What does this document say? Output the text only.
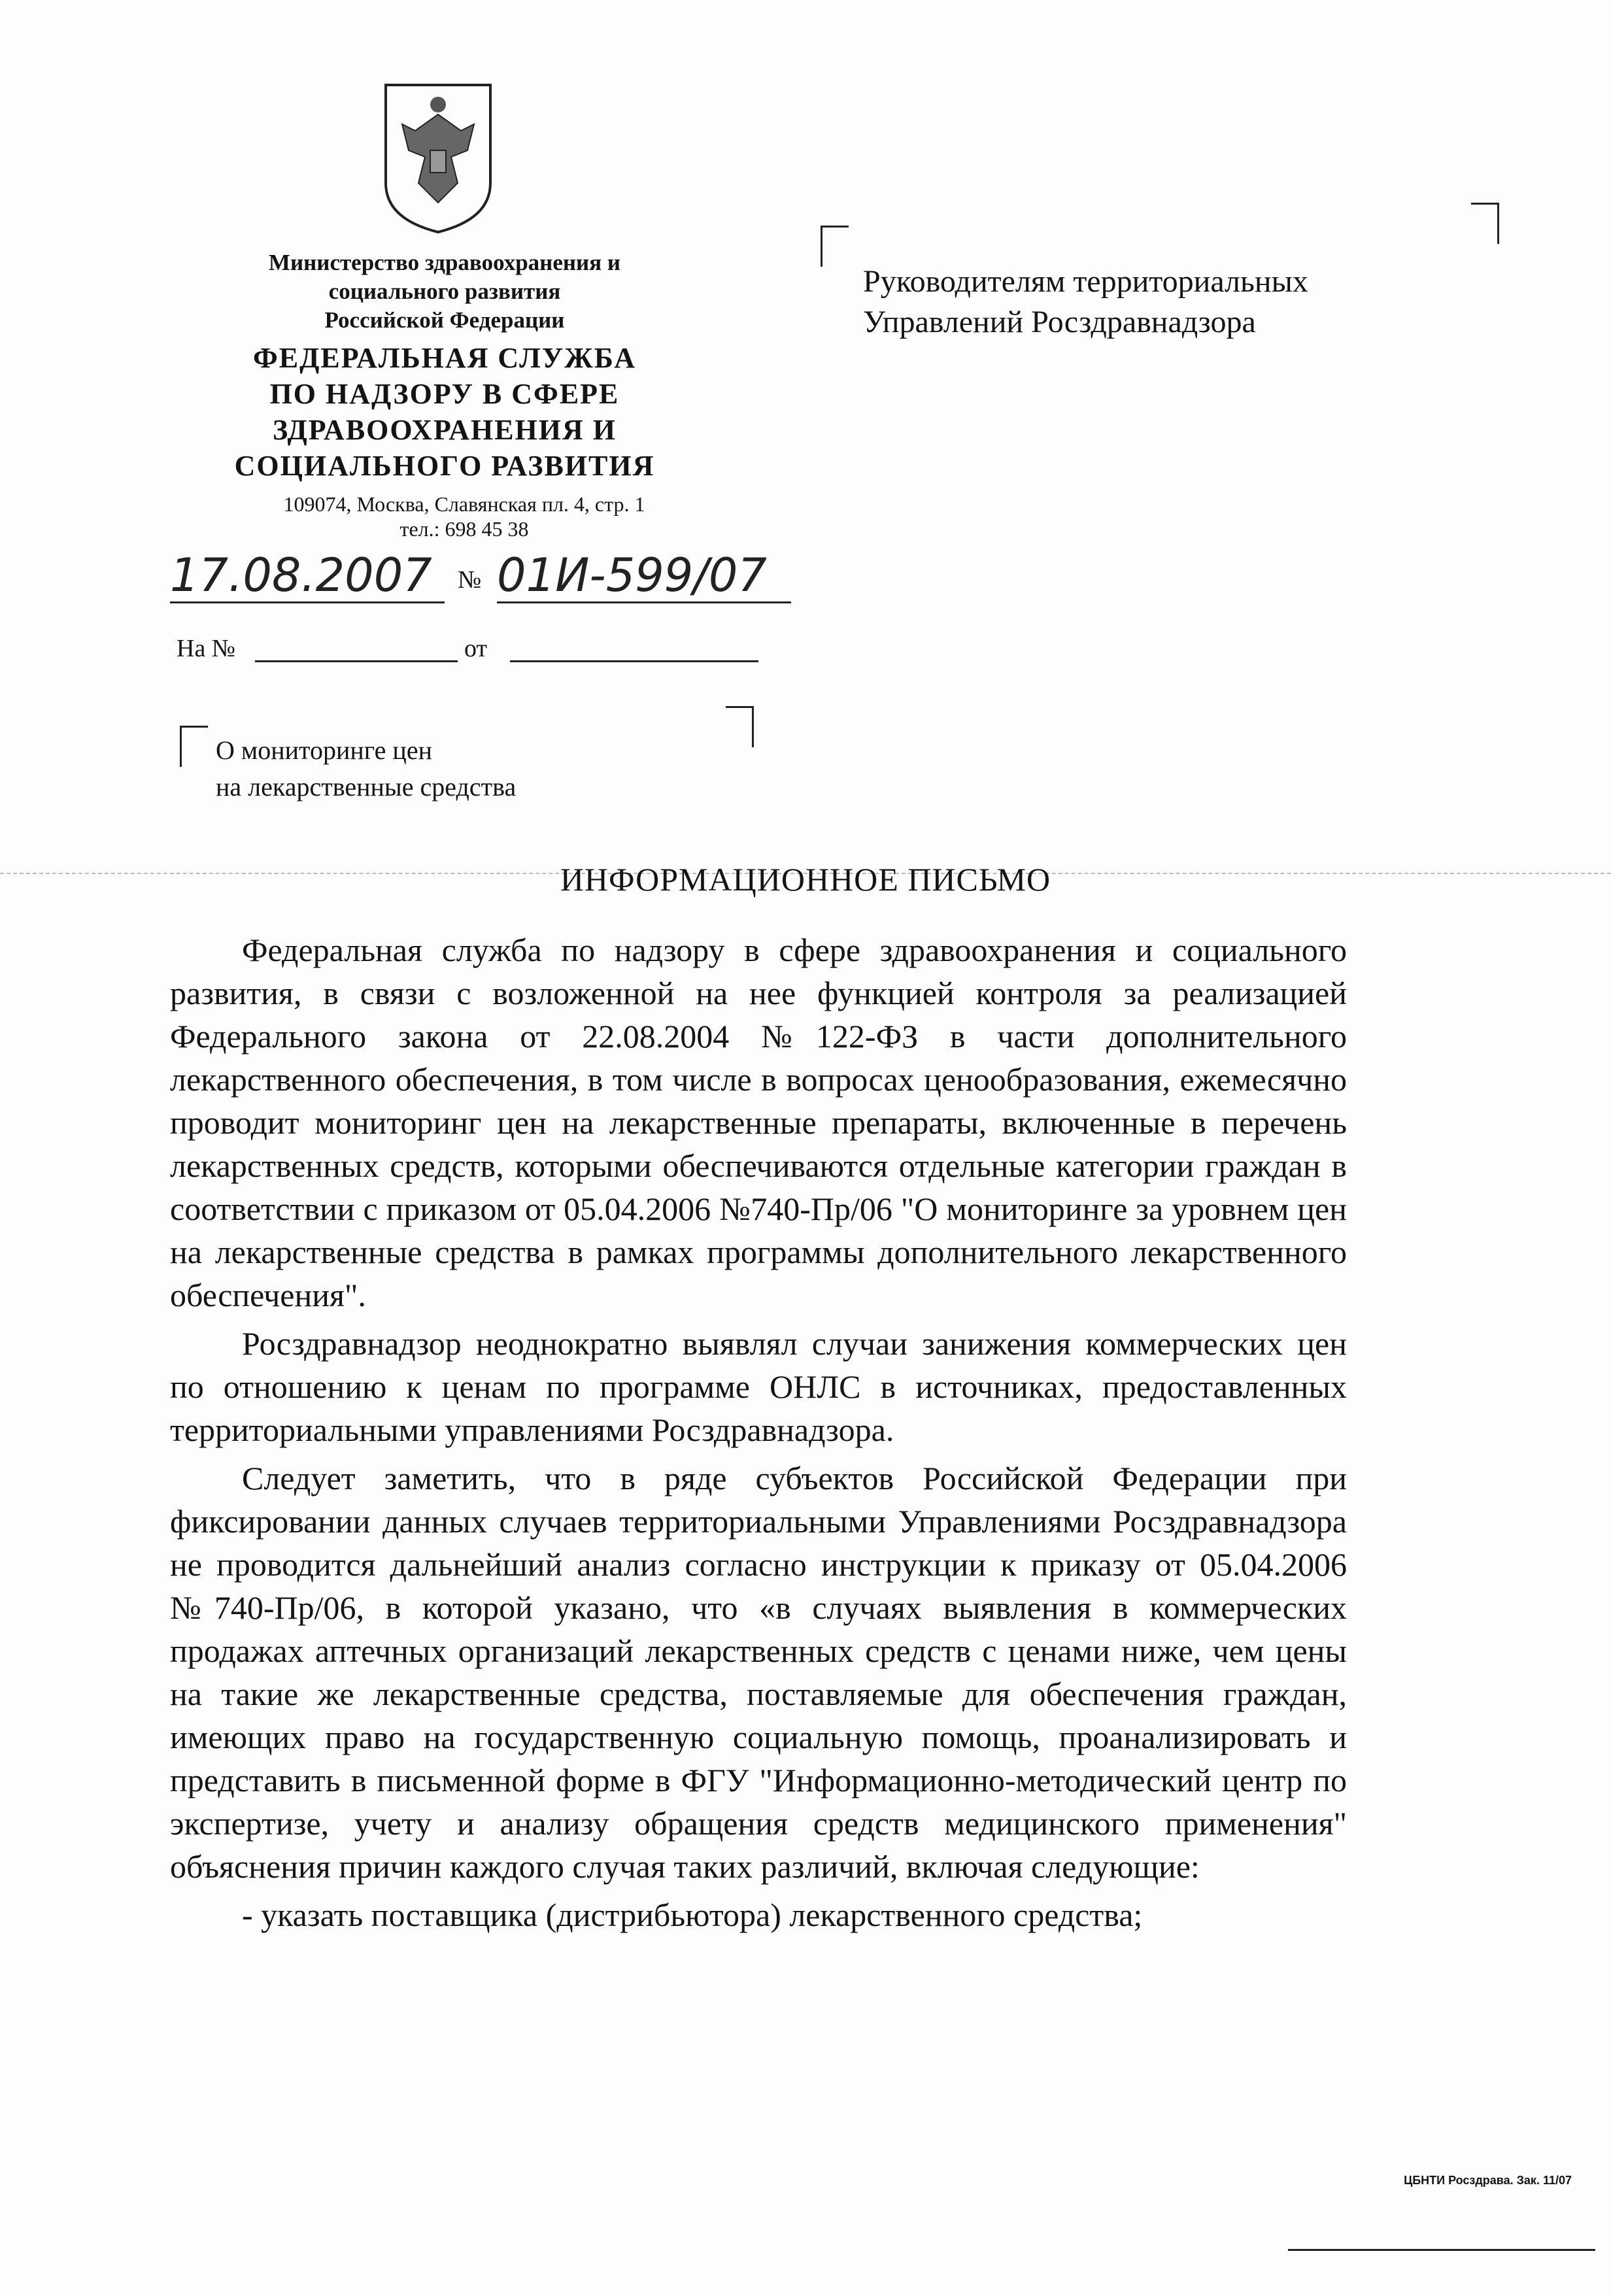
Министерство здравоохранения и
социального развития
Российской Федерации
ФЕДЕРАЛЬНАЯ СЛУЖБА
ПО НАДЗОРУ В СФЕРЕ
ЗДРАВООХРАНЕНИЯ И
СОЦИАЛЬНОГО РАЗВИТИЯ
109074, Москва, Славянская пл. 4, стр. 1
тел.: 698 45 38
17.08.2007	№ 01И-599/07
На №	от
Руководителям территориальных
Управлений Росздравнадзора
О мониторинге цен
на лекарственные средства
ИНФОРМАЦИОННОЕ ПИСЬМО

Федеральная служба по надзору в сфере здравоохранения и социального развития, в связи с возложенной на нее функцией контроля за реализацией Федерального закона от 22.08.2004 №122-ФЗ в части дополнительного лекарственного обеспечения, в том числе в вопросах ценообразования, ежемесячно проводит мониторинг цен на лекарственные препараты, включенные в перечень лекарственных средств, которыми обеспечиваются отдельные категории граждан в соответствии с приказом от 05.04.2006 №740-Пр/06 "О мониторинге за уровнем цен на лекарственные средства в рамках программы дополнительного лекарственного обеспечения".

Росздравнадзор неоднократно выявлял случаи занижения коммерческих цен по отношению к ценам по программе ОНЛС в источниках, предоставленных территориальными управлениями Росздравнадзора.

Следует заметить, что в ряде субъектов Российской Федерации при фиксировании данных случаев территориальными Управлениями Росздравнадзора не проводится дальнейший анализ согласно инструкции к приказу от 05.04.2006 №740-Пр/06, в которой указано, что «в случаях выявления в коммерческих продажах аптечных организаций лекарственных средств с ценами ниже, чем цены на такие же лекарственные средства, поставляемые для обеспечения граждан, имеющих право на государственную социальную помощь, проанализировать и представить в письменной форме в ФГУ "Информационно-методический центр по экспертизе, учету и анализу обращения средств медицинского применения" объяснения причин каждого случая таких различий, включая следующие:

- указать поставщика (дистрибьютора) лекарственного средства;

ЦБНТИ Росздрава. Зак. 11/07
